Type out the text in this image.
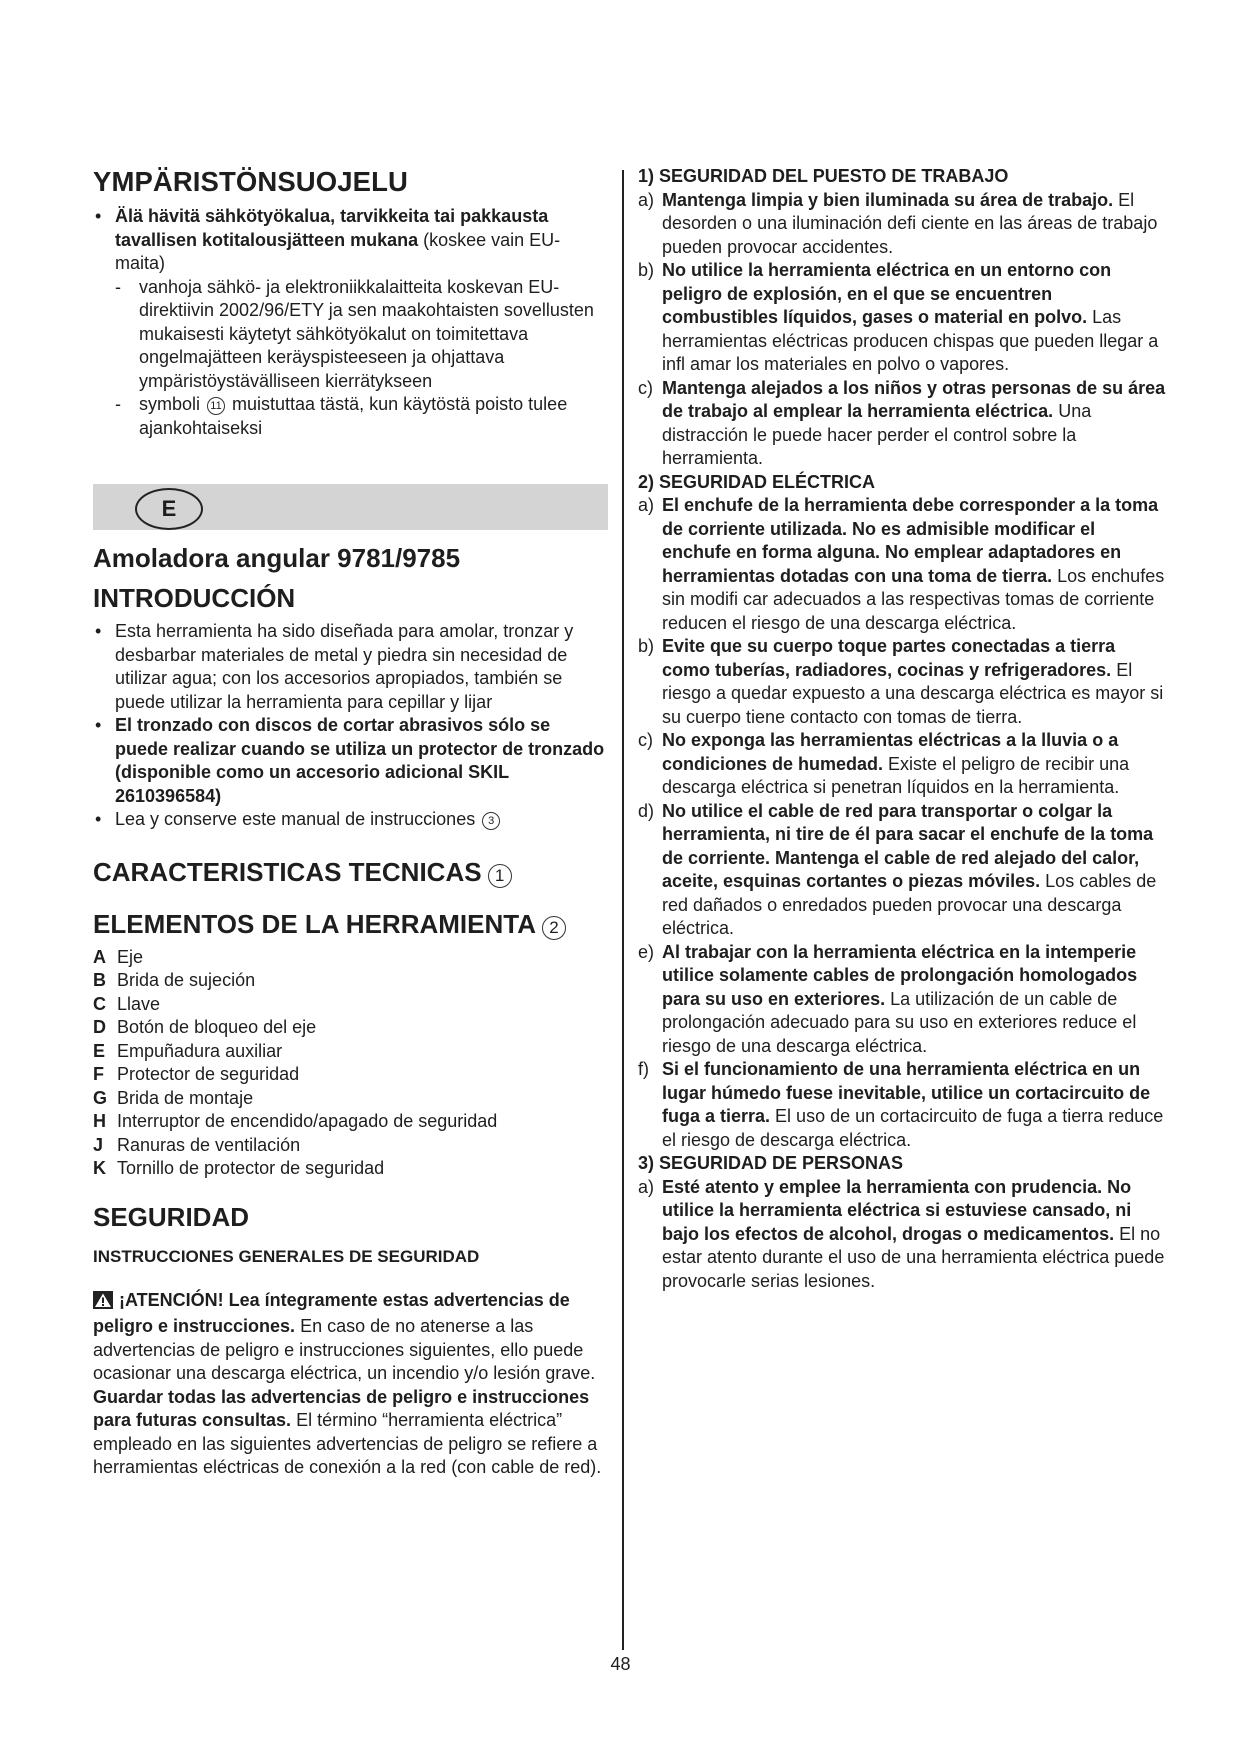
YMPÄRISTÖNSUOJELU
• Älä hävitä sähkötyökalua, tarvikkeita tai pakkausta tavallisen kotitalousjätteen mukana (koskee vain EU-maita)
- vanhoja sähkö- ja elektroniikkalaitteita koskevan EU-direktiivin 2002/96/ETY ja sen maakohtaisten sovellusten mukaisesti käytetyt sähkötyökalut on toimitettava ongelmajätteen keräyspisteeseen ja ohjattava ympäristöystävälliseen kierrätykseen
- symboli 11 muistuttaa tästä, kun käytöstä poisto tulee ajankohtaiseksi
E
Amoladora angular 9781/9785
INTRODUCCIÓN
• Esta herramienta ha sido diseñada para amolar, tronzar y desbarbar materiales de metal y piedra sin necesidad de utilizar agua; con los accesorios apropiados, también se puede utilizar la herramienta para cepillar y lijar
• El tronzado con discos de cortar abrasivos sólo se puede realizar cuando se utiliza un protector de tronzado (disponible como un accesorio adicional SKIL 2610396584)
• Lea y conserve este manual de instrucciones 3
CARACTERISTICAS TECNICAS 1
ELEMENTOS DE LA HERRAMIENTA 2
A Eje
B Brida de sujeción
C Llave
D Botón de bloqueo del eje
E Empuñadura auxiliar
F Protector de seguridad
G Brida de montaje
H Interruptor de encendido/apagado de seguridad
J Ranuras de ventilación
K Tornillo de protector de seguridad
SEGURIDAD
INSTRUCCIONES GENERALES DE SEGURIDAD
¡ATENCIÓN! Lea íntegramente estas advertencias de peligro e instrucciones. En caso de no atenerse a las advertencias de peligro e instrucciones siguientes, ello puede ocasionar una descarga eléctrica, un incendio y/o lesión grave. Guardar todas las advertencias de peligro e instrucciones para futuras consultas. El término “herramienta eléctrica” empleado en las siguientes advertencias de peligro se refiere a herramientas eléctricas de conexión a la red (con cable de red).
1) SEGURIDAD DEL PUESTO DE TRABAJO
a) Mantenga limpia y bien iluminada su área de trabajo. El desorden o una iluminación defi ciente en las áreas de trabajo pueden provocar accidentes.
b) No utilice la herramienta eléctrica en un entorno con peligro de explosión, en el que se encuentren combustibles líquidos, gases o material en polvo. Las herramientas eléctricas producen chispas que pueden llegar a infl amar los materiales en polvo o vapores.
c) Mantenga alejados a los niños y otras personas de su área de trabajo al emplear la herramienta eléctrica. Una distracción le puede hacer perder el control sobre la herramienta.
2) SEGURIDAD ELÉCTRICA
a) El enchufe de la herramienta debe corresponder a la toma de corriente utilizada. No es admisible modificar el enchufe en forma alguna. No emplear adaptadores en herramientas dotadas con una toma de tierra. Los enchufes sin modifi car adecuados a las respectivas tomas de corriente reducen el riesgo de una descarga eléctrica.
b) Evite que su cuerpo toque partes conectadas a tierra como tuberías, radiadores, cocinas y refrigeradores. El riesgo a quedar expuesto a una descarga eléctrica es mayor si su cuerpo tiene contacto con tomas de tierra.
c) No exponga las herramientas eléctricas a la lluvia o a condiciones de humedad. Existe el peligro de recibir una descarga eléctrica si penetran líquidos en la herramienta.
d) No utilice el cable de red para transportar o colgar la herramienta, ni tire de él para sacar el enchufe de la toma de corriente. Mantenga el cable de red alejado del calor, aceite, esquinas cortantes o piezas móviles. Los cables de red dañados o enredados pueden provocar una descarga eléctrica.
e) Al trabajar con la herramienta eléctrica en la intemperie utilice solamente cables de prolongación homologados para su uso en exteriores. La utilización de un cable de prolongación adecuado para su uso en exteriores reduce el riesgo de una descarga eléctrica.
f) Si el funcionamiento de una herramienta eléctrica en un lugar húmedo fuese inevitable, utilice un cortacircuito de fuga a tierra. El uso de un cortacircuito de fuga a tierra reduce el riesgo de descarga eléctrica.
3) SEGURIDAD DE PERSONAS
a) Esté atento y emplee la herramienta con prudencia. No utilice la herramienta eléctrica si estuviese cansado, ni bajo los efectos de alcohol, drogas o medicamentos. El no estar atento durante el uso de una herramienta eléctrica puede provocarle serias lesiones.
48
